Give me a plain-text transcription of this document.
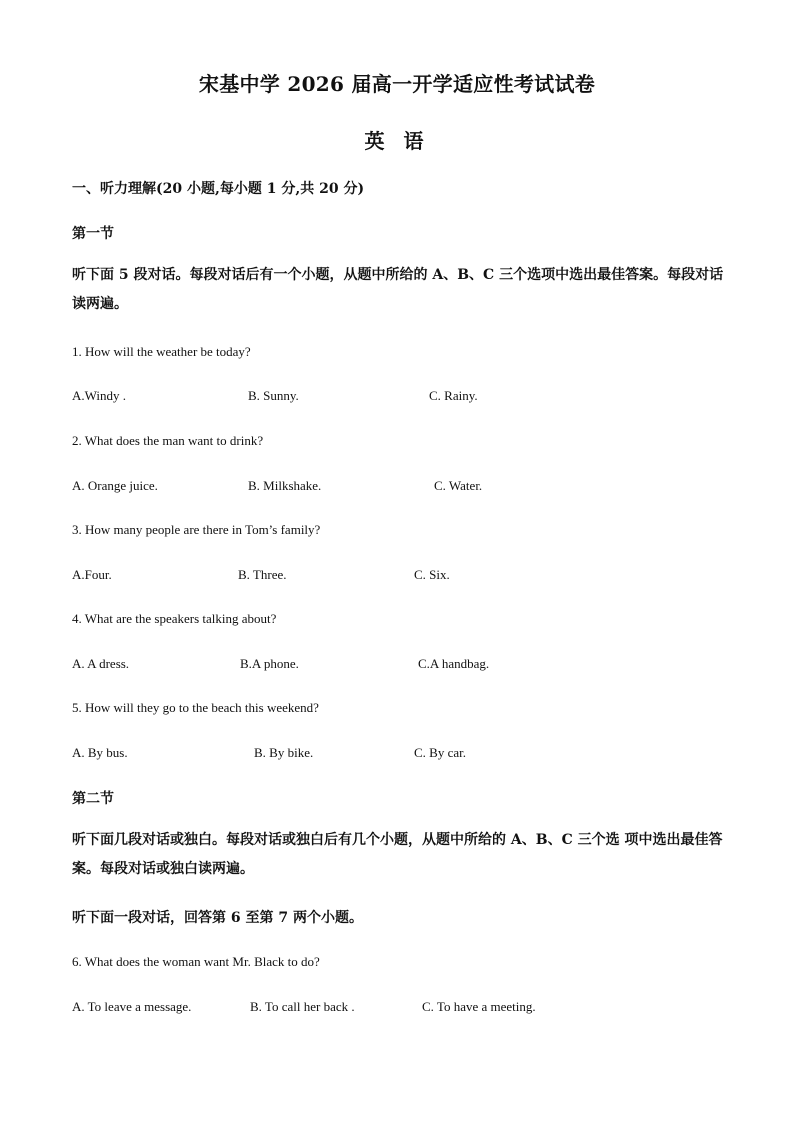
宋基中学 2026 届高一开学适应性考试试卷
英 语
一、听力理解(20 小题,每小题 1 分,共 20 分)
第一节
听下面 5 段对话。每段对话后有一个小题，从题中所给的 A、B、C 三个选项中选出最佳答案。每段对话读两遍。
1. How will the weather be today?
A.Windy .	B. Sunny.	C. Rainy.
2. What does the man want to drink?
A. Orange juice.	B. Milkshake.	C. Water.
3. How many people are there in Tom’s family?
A.Four.	B. Three.	C. Six.
4. What are the speakers talking about?
A. A dress.	B.A phone.	C.A handbag.
5. How will they go to the beach this weekend?
A. By bus.	B. By bike.	C. By car.
第二节
听下面几段对话或独白。每段对话或独白后有几个小题，从题中所给的 A、B、C 三个选 项中选出最佳答案。每段对话或独白读两遍。
听下面一段对话，回答第 6 至第 7 两个小题。
6. What does the woman want Mr. Black to do?
A. To leave a message.	B. To call her back .	C. To have a meeting.
